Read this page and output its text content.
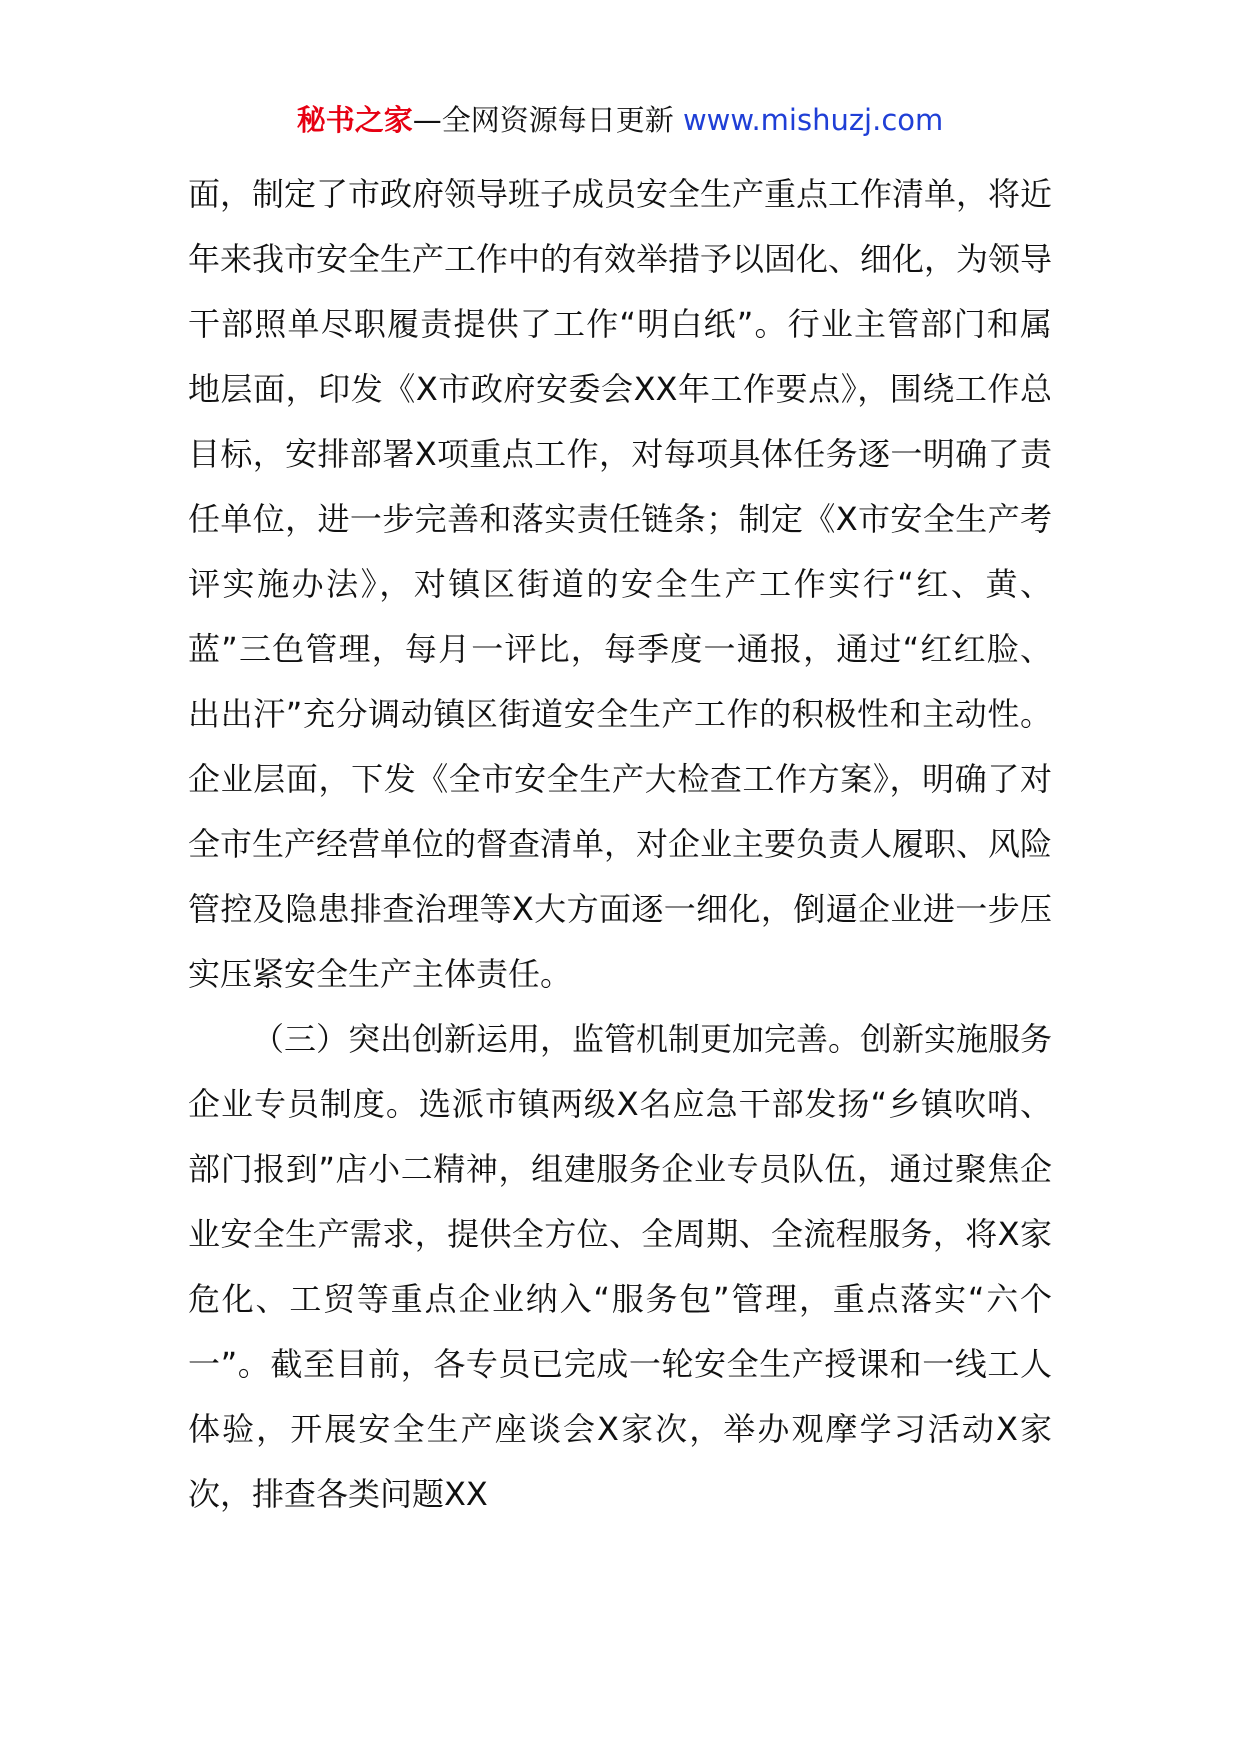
秘书之家—全网资源每日更新 www.mishuzj.com

面，制定了市政府领导班子成员安全生产重点工作清单，将近年来我市安全生产工作中的有效举措予以固化、细化，为领导干部照单尽职履责提供了工作“明白纸”。行业主管部门和属地层面，印发《X市政府安委会XX年工作要点》，围绕工作总目标，安排部署X项重点工作，对每项具体任务逐一明确了责任单位，进一步完善和落实责任链条；制定《X市安全生产考评实施办法》，对镇区街道的安全生产工作实行“红、黄、蓝”三色管理，每月一评比，每季度一通报，通过“红红脸、出出汗”充分调动镇区街道安全生产工作的积极性和主动性。企业层面，下发《全市安全生产大检查工作方案》，明确了对全市生产经营单位的督查清单，对企业主要负责人履职、风险管控及隐患排查治理等X大方面逐一细化，倒逼企业进一步压实压紧安全生产主体责任。

（三）突出创新运用，监管机制更加完善。创新实施服务企业专员制度。选派市镇两级X名应急干部发扬“乡镇吹哨、部门报到”店小二精神，组建服务企业专员队伍，通过聚焦企业安全生产需求，提供全方位、全周期、全流程服务，将X家危化、工贸等重点企业纳入“服务包”管理，重点落实“六个一”。截至目前，各专员已完成一轮安全生产授课和一线工人体验，开展安全生产座谈会X家次，举办观摩学习活动X家次，排查各类问题XX
